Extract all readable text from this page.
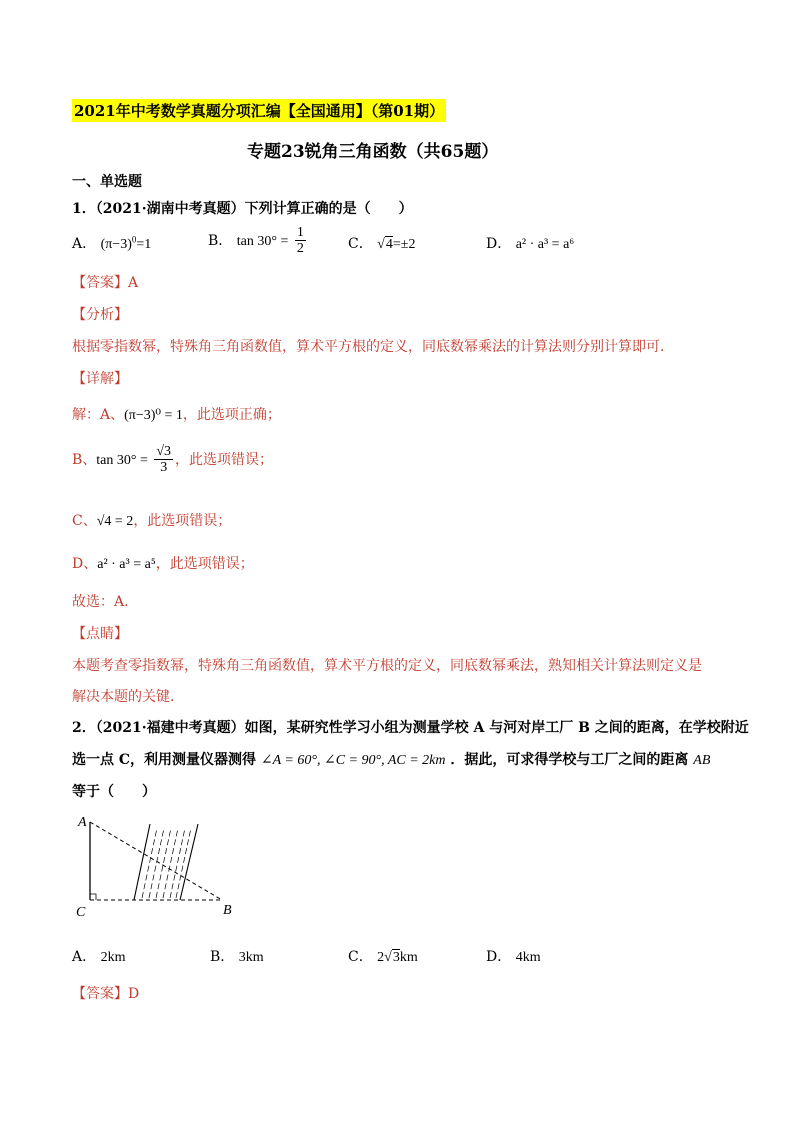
2021年中考数学真题分项汇编【全国通用】（第01期）
专题23锐角三角函数（共65题）
一、单选题
1．（2021·湖南中考真题）下列计算正确的是（　　）
A． $(\pi-3)^0=1$	B． $\tan 30^\circ = \frac{1}{2}$	C． √4=±2	D． a² · a³ = a⁶
【答案】A
【分析】
根据零指数幂，特殊角三角函数值，算术平方根的定义，同底数幂乘法的计算法则分别计算即可．
【详解】
解：A、(π−3)⁰ = 1，此选项正确；
B、$\tan 30^\circ = \frac{√3}{3}$ ，此选项错误；
C、√4 = 2，此选项错误；
D、a² · a³ = a⁵，此选项错误；
故选：A．
【点睛】
本题考查零指数幂，特殊角三角函数值，算术平方根的定义，同底数幂乘法，熟知相关计算法则定义是
解决本题的关键．
2．（2021·福建中考真题）如图，某研究性学习小组为测量学校 A 与河对岸工厂 B 之间的距离，在学校附近
选一点 C，利用测量仪器测得 ∠A = 60°, ∠C = 90°, AC = 2km ．据此，可求得学校与工厂之间的距离 AB
等于（　　）
A
C	B
A． 2km	B． 3km	C． 2√3km	D． 4km
【答案】D
